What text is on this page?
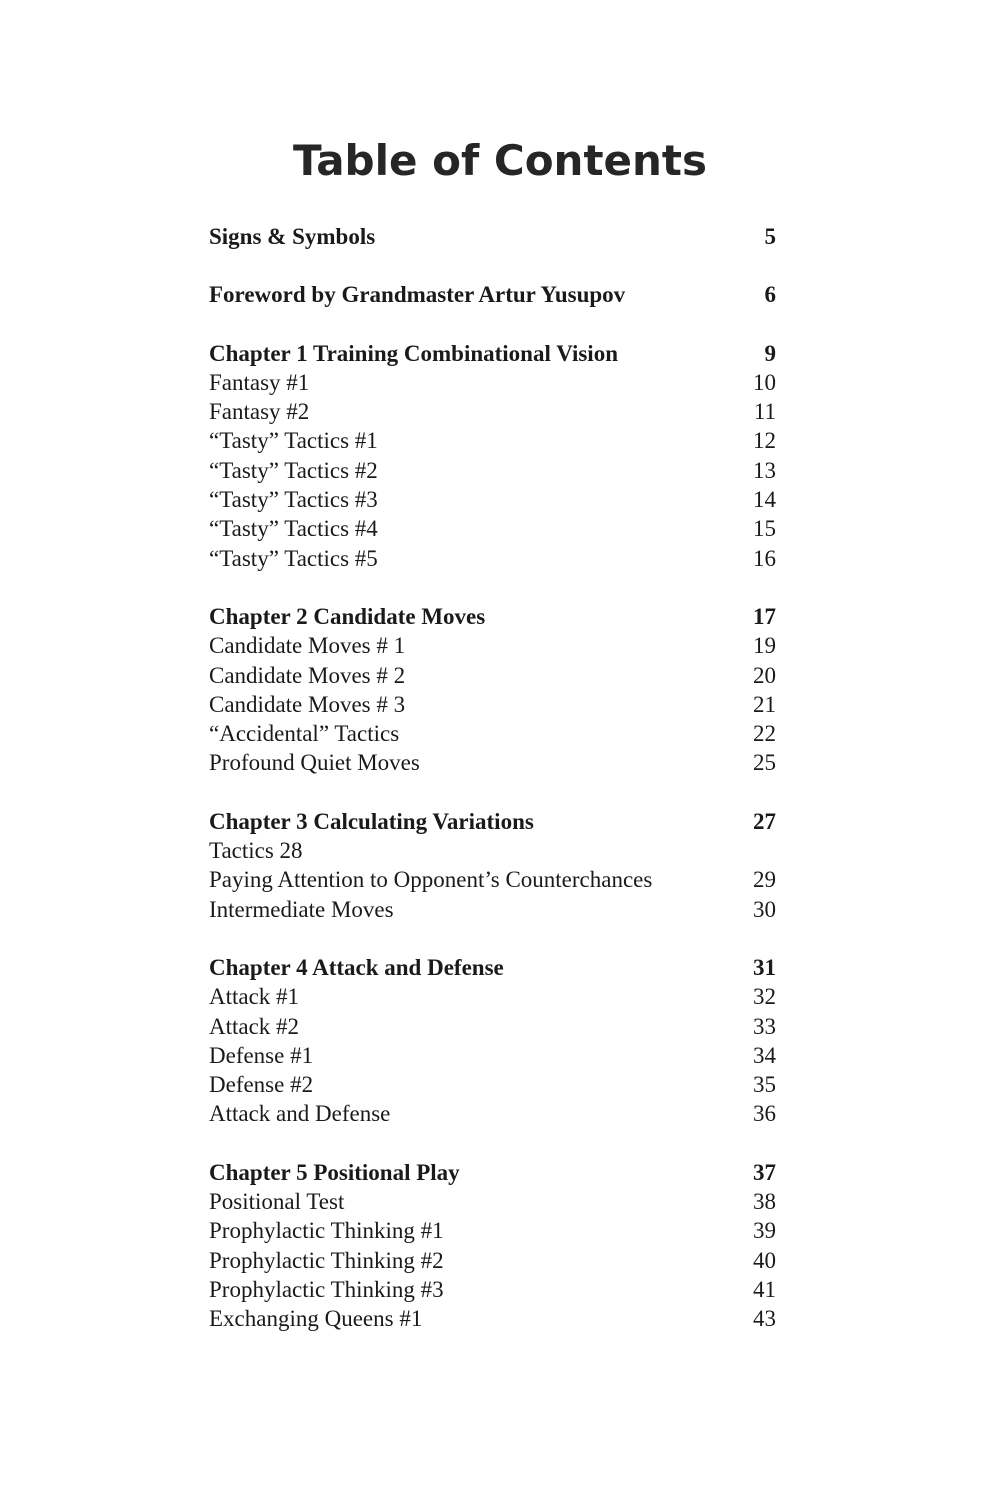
Table of Contents
Signs & Symbols	5
Foreword by Grandmaster Artur Yusupov	6
Chapter 1 Training Combinational Vision	9
Fantasy #1	10
Fantasy #2	11
“Tasty” Tactics #1	12
“Tasty” Tactics #2	13
“Tasty” Tactics #3	14
“Tasty” Tactics #4	15
“Tasty” Tactics #5	16
Chapter 2 Candidate Moves	17
Candidate Moves # 1	19
Candidate Moves # 2	20
Candidate Moves # 3	21
“Accidental” Tactics	22
Profound Quiet Moves	25
Chapter 3 Calculating Variations	27
Tactics 28
Paying Attention to Opponent’s Counterchances	29
Intermediate Moves	30
Chapter 4 Attack and Defense	31
Attack #1	32
Attack #2	33
Defense #1	34
Defense #2	35
Attack and Defense	36
Chapter 5 Positional Play	37
Positional Test	38
Prophylactic Thinking #1	39
Prophylactic Thinking #2	40
Prophylactic Thinking #3	41
Exchanging Queens #1	43
